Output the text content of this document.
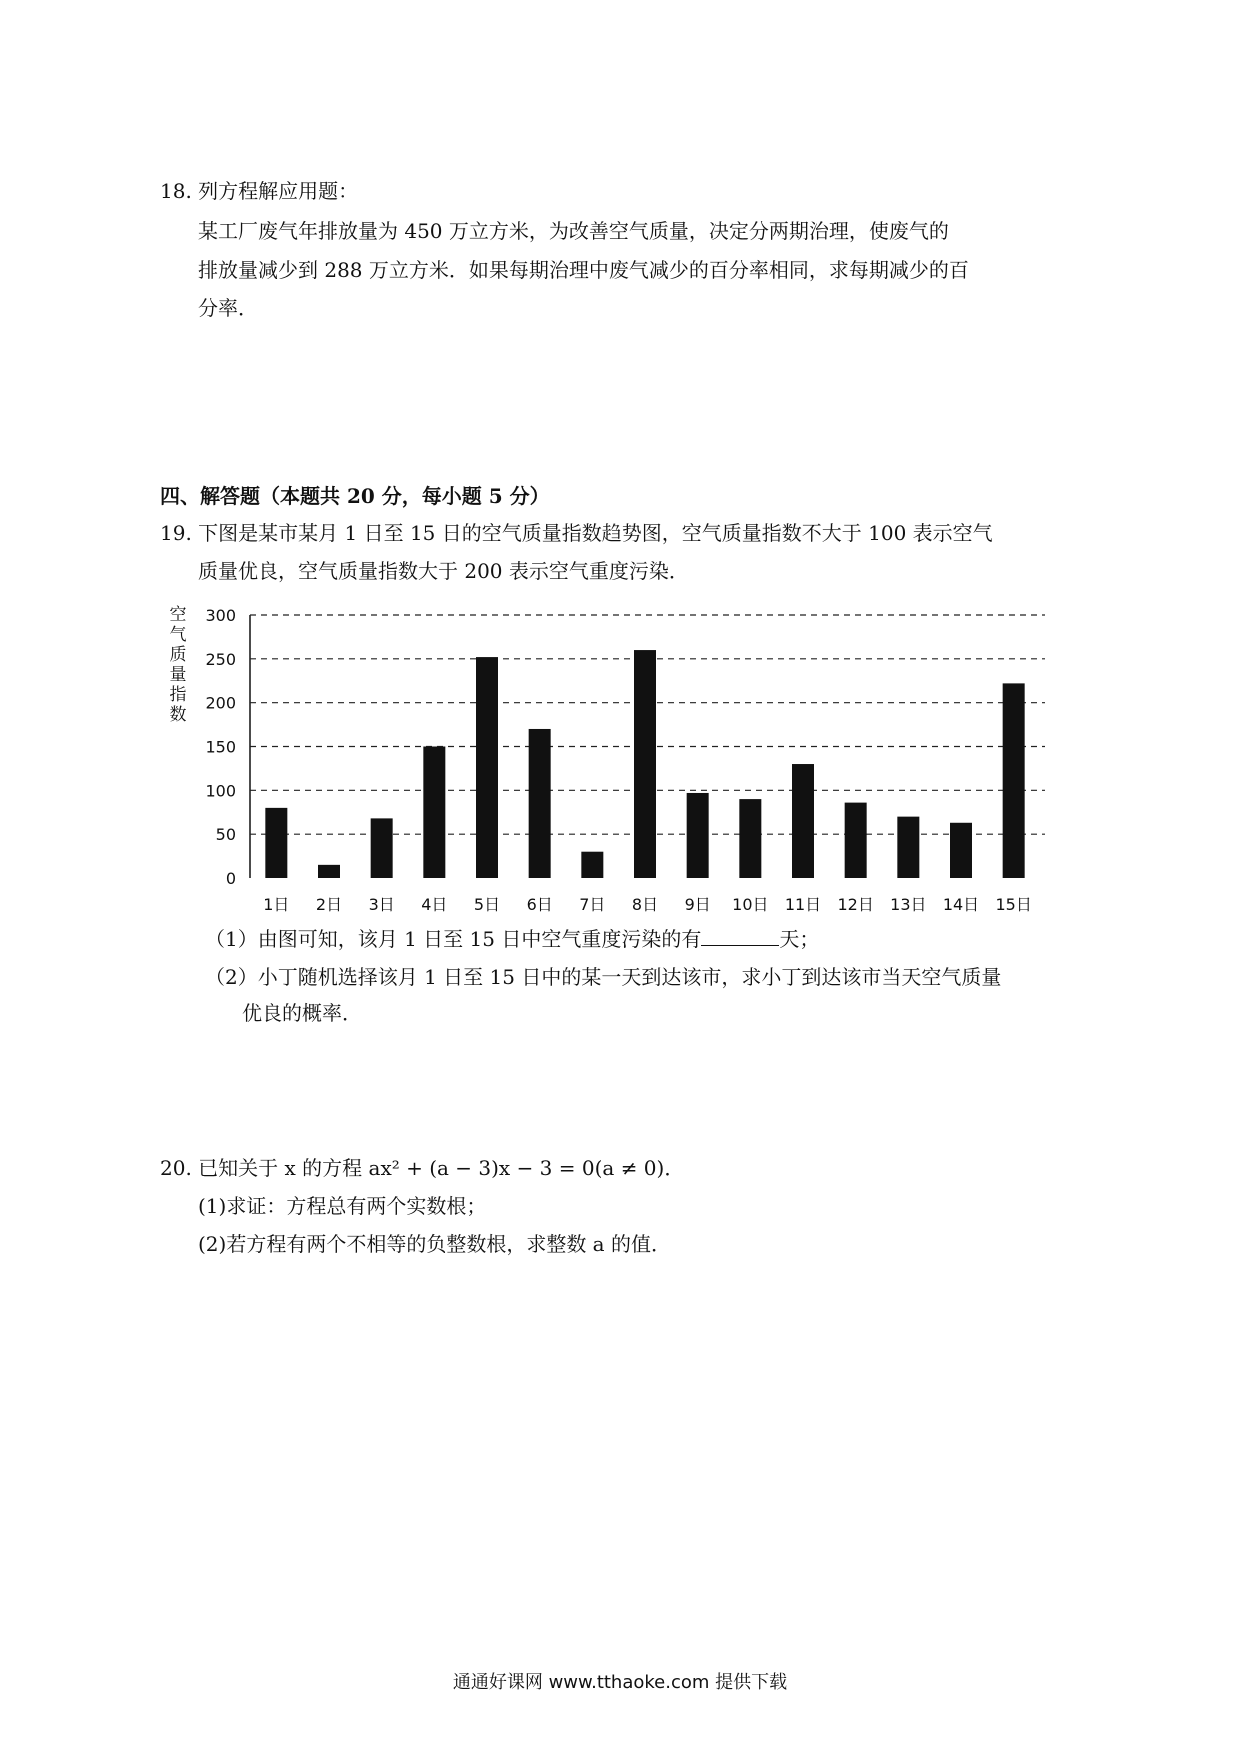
18. 列方程解应用题：
某工厂废气年排放量为 450 万立方米，为改善空气质量，决定分两期治理，使废气的
排放量减少到 288 万立方米．如果每期治理中废气减少的百分率相同，求每期减少的百
分率．
四、解答题（本题共 20 分，每小题 5 分）
19. 下图是某市某月 1 日至 15 日的空气质量指数趋势图，空气质量指数不大于 100 表示空气
质量优良，空气质量指数大于 200 表示空气重度污染．
0
50
100
150
200
250
300
空气质量指数
1日 2日 3日 4日 5日 6日 7日 8日 9日 10日 11日 12日 13日 14日 15日
（1）由图可知，该月 1 日至 15 日中空气重度污染的有	天；
（2）小丁随机选择该月 1 日至 15 日中的某一天到达该市，求小丁到达该市当天空气质量
优良的概率．
20. 已知关于 x 的方程 ax² + (a − 3)x − 3 = 0(a ≠ 0)．
(1)求证：方程总有两个实数根；
(2)若方程有两个不相等的负整数根，求整数 a 的值．
通通好课网 www.tthaoke.com 提供下载
